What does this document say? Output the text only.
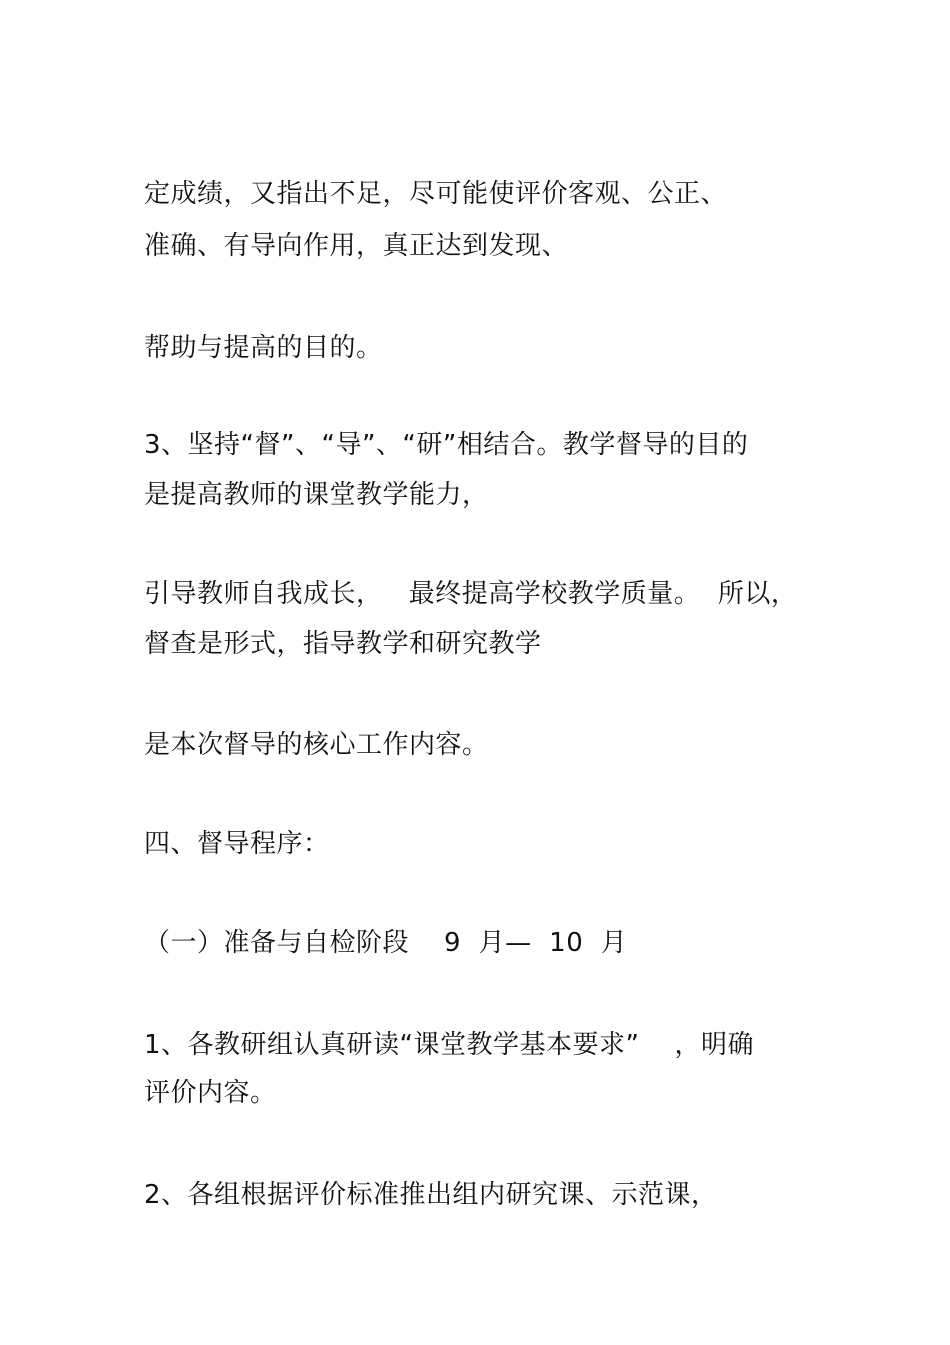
定成绩，又指出不足，尽可能使评价客观、公正、
准确、有导向作用，真正达到发现、
帮助与提高的目的。
3、坚持“督”、“导”、“研”相结合。教学督导的目的
是提高教师的课堂教学能力，
引导教师自我成长，   最终提高学校教学质量。  所以，
督查是形式，指导教学和研究教学
是本次督导的核心工作内容。
四、督导程序：
（一）准备与自检阶段    9  月—  10  月
1、各教研组认真研读“课堂教学基本要求”    ，明确
评价内容。
2、各组根据评价标准推出组内研究课、示范课，
